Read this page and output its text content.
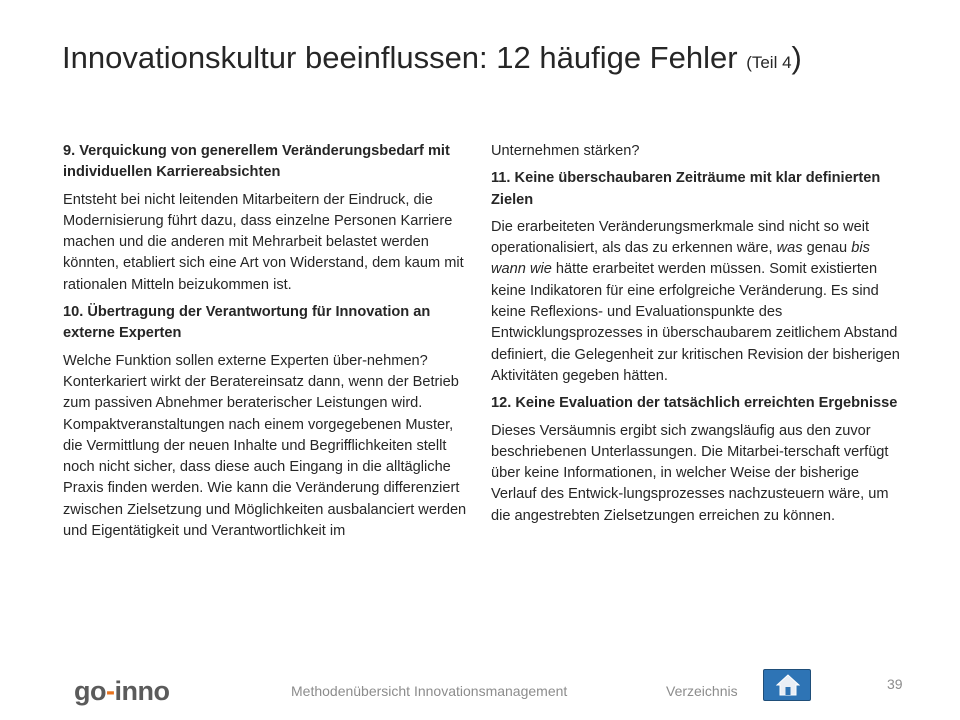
Innovationskultur beeinflussen: 12 häufige Fehler (Teil 4)
9. Verquickung von generellem Veränderungsbedarf mit individuellen Karriereabsichten

Entsteht bei nicht leitenden Mitarbeitern der Eindruck, die Modernisierung führt dazu, dass einzelne Personen Karriere machen und die anderen mit Mehrarbeit belastet werden könnten, etabliert sich eine Art von Widerstand, dem kaum mit rationalen Mitteln beizukommen ist.

10. Übertragung der Verantwortung für Innovation an externe Experten

Welche Funktion sollen externe Experten über-nehmen? Konterkariert wirkt der Beratereinsatz dann, wenn der Betrieb zum passiven Abnehmer beraterischer Leistungen wird. Kompaktveranstaltungen nach einem vorgegebenen Muster, die Vermittlung der neuen Inhalte und Begrifflichkeiten stellt noch nicht sicher, dass diese auch Eingang in die alltägliche Praxis finden werden. Wie kann die Veränderung differenziert zwischen Zielsetzung und Möglichkeiten ausbalanciert werden und Eigentätigkeit und Verantwortlichkeit im

Unternehmen stärken?

11. Keine überschaubaren Zeiträume mit klar definierten Zielen

Die erarbeiteten Veränderungsmerkmale sind nicht so weit operationalisiert, als das zu erkennen wäre, was genau bis wann wie hätte erarbeitet werden müssen. Somit existierten keine Indikatoren für eine erfolgreiche Veränderung. Es sind keine Reflexions- und Evaluationspunkte des Entwicklungsprozesses in überschaubarem zeitlichem Abstand definiert, die Gelegenheit zur kritischen Revision der bisherigen Aktivitäten gegeben hätten.

12. Keine Evaluation der tatsächlich erreichten Ergebnisse

Dieses Versäumnis ergibt sich zwangsläufig aus den zuvor beschriebenen Unterlassungen. Die Mitarbei-terschaft verfügt über keine Informationen, in welcher Weise der bisherige Verlauf des Entwick-lungsprozesses nachzusteuern wäre, um die angestrebten Zielsetzungen erreichen zu können.

go-inno	Methodenübersicht Innovationsmanagement	Verzeichnis	39
